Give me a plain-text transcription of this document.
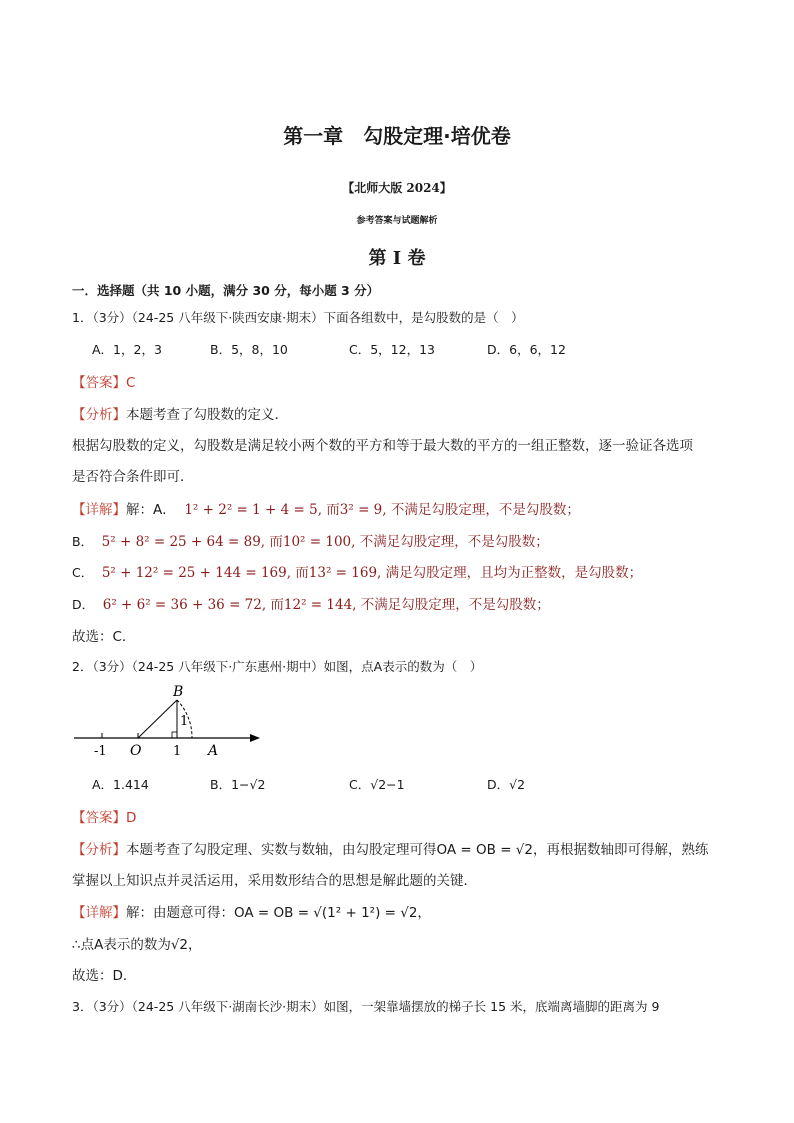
第一章　勾股定理·培优卷
【北师大版 2024】
参考答案与试题解析
第 I 卷
一．选择题（共 10 小题，满分 30 分，每小题 3 分）
1．（3分）（24-25 八年级下·陕西安康·期末）下面各组数中，是勾股数的是（　）
A．1，2，3	B．5，8，10	C．5，12，13	D．6，6，12
【答案】C
【分析】本题考查了勾股数的定义．
根据勾股数的定义，勾股数是满足较小两个数的平方和等于最大数的平方的一组正整数，逐一验证各选项
是否符合条件即可．
【详解】解：A． 1² + 2² = 1 + 4 = 5, 而3² = 9, 不满足勾股定理，不是勾股数；
B． 5² + 8² = 25 + 64 = 89, 而10² = 100, 不满足勾股定理，不是勾股数；
C． 5² + 12² = 25 + 144 = 169, 而13² = 169, 满足勾股定理，且均为正整数，是勾股数；
D． 6² + 6² = 36 + 36 = 72, 而12² = 144, 不满足勾股定理，不是勾股数；
故选：C．
2．（3分）（24-25 八年级下·广东惠州·期中）如图，点A表示的数为（　）
B
1
-1 O 1 A
A．1.414	B．1−√2	C．√2−1	D．√2
【答案】D
【分析】本题考查了勾股定理、实数与数轴，由勾股定理可得OA = OB = √2，再根据数轴即可得解，熟练
掌握以上知识点并灵活运用，采用数形结合的思想是解此题的关键．
【详解】解：由题意可得：OA = OB = √(1² + 1²) = √2，
∴点A表示的数为√2，
故选：D．
3．（3分）（24-25 八年级下·湖南长沙·期末）如图，一架靠墙摆放的梯子长 15 米，底端离墙脚的距离为 9
